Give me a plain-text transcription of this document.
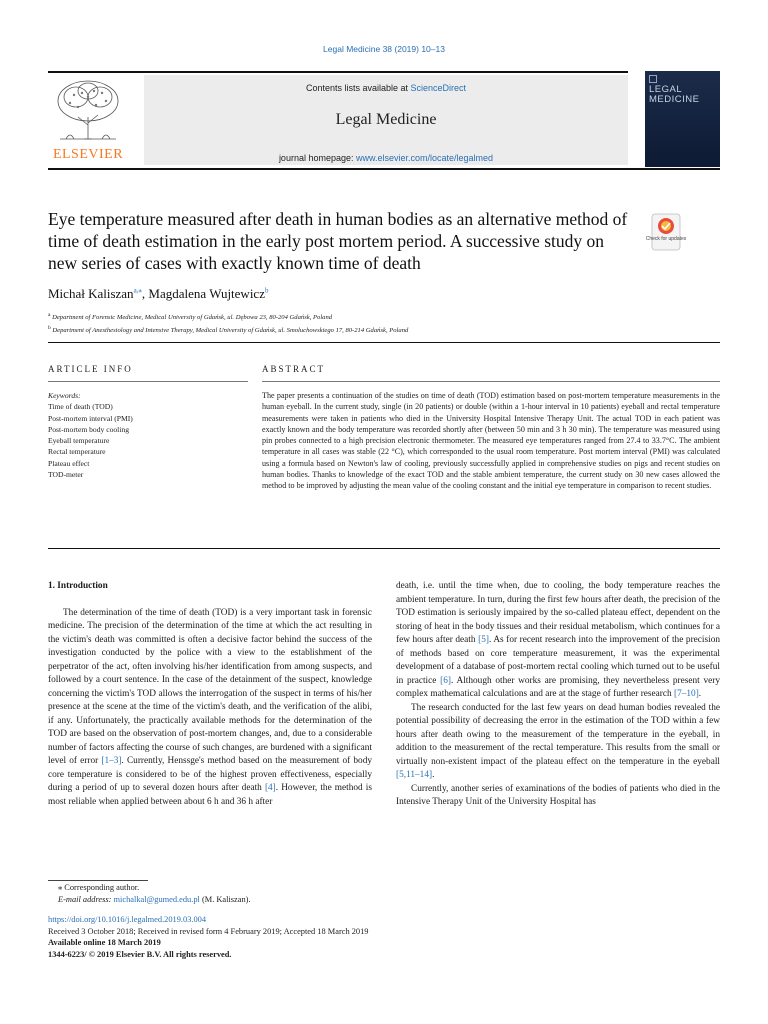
Legal Medicine 38 (2019) 10–13
ELSEVIER
Contents lists available at ScienceDirect
Legal Medicine
journal homepage: www.elsevier.com/locate/legalmed
LEGAL
MEDICINE
Eye temperature measured after death in human bodies as an alternative method of time of death estimation in the early post mortem period. A successive study on new series of cases with exactly known time of death
Check for updates
Michał Kaliszan$^{a,⁎}$, Magdalena Wujtewicz$^b$
$^a$ Department of Forensic Medicine, Medical University of Gdańsk, ul. Dębowa 23, 80-204 Gdańsk, Poland
$^b$ Department of Anesthesiology and Intensive Therapy, Medical University of Gdańsk, ul. Smoluchowskiego 17, 80-214 Gdańsk, Poland
ARTICLE INFO	ABSTRACT
Keywords:
Time of death (TOD)
Post-mortem interval (PMI)
Post-mortem body cooling
Eyeball temperature
Rectal temperature
Plateau effect
TOD-meter
The paper presents a continuation of the studies on time of death (TOD) estimation based on post-mortem temperature measurements in the human eyeball. In the current study, single (in 20 patients) or double (within a 1-hour interval in 10 patients) eyeball and rectal temperature measurements were taken in patients who died in the University Hospital Intensive Therapy Unit. The actual TOD in each patient was exactly known and the body temperature was recorded shortly after (between 50 min and 3 h 30 min). The temperature was measured using pin probes connected to a high precision electronic thermometer. The measured eye temperatures ranged from 27.4 to 33.7°C. The ambient temperature in all cases was stable (22 °C), which corresponded to the usual room temperature. Post mortem interval (PMI) was calculated using a formula based on Newton's law of cooling, previously successfully applied in comprehensive studies on pigs and recent studies on human bodies. Thanks to knowledge of the exact TOD and the stable ambient temperature, the current study on 30 new cases allowed the method to be improved by adjusting the mean value of the cooling constant and the initial eye temperature in comparison to recent studies.
1. Introduction

The determination of the time of death (TOD) is a very important task in forensic medicine. The precision of the determination of the time at which the act resulting in the victim's death was committed is often a decisive factor behind the success of the investigation conducted by the police with a view to the establishment of the perpetrator of the act, often involving his/her identification from among suspects, and followed by a court sentence. In the case of the detainment of the suspect, knowledge concerning the victim's TOD allows the interrogation of the suspect in terms of his/her presence at the scene at the time of the victim's death, and the verification of the alibi, if any. Unfortunately, the practically available methods for the determination of the TOD are based on the observation of post-mortem changes, and, due to a considerable number of factors affecting the course of such changes, are burdened with a significant level of error [1–3]. Currently, Henssge's method based on the measurement of body core temperature is considered to be of the highest proven effectiveness, especially during a period of up to several dozen hours after death [4]. However, the method is most reliable when applied between about 6 h and 36 h after

death, i.e. until the time when, due to cooling, the body temperature reaches the ambient temperature. In turn, during the first few hours after death, the precision of the TOD estimation is seriously impaired by the so-called plateau effect, dependent on the storing of heat in the body tissues and their residual metabolism, which continues for a few hours after death [5]. As for recent research into the improvement of the precision of methods based on core temperature measurement, it was the experimental development of a database of post-mortem rectal cooling which turned out to be useful in practice [6]. Although other works are promising, they nevertheless present very complex mathematical calculations and are at the stage of further research [7–10].

The research conducted for the last few years on dead human bodies revealed the potential possibility of decreasing the error in the estimation of the TOD within a few hours after death owing to the measurement of the temperature in the eyeball, in addition to the measurement of the rectal temperature. This results from the small or virtually non-existent impact of the plateau effect on the temperature in the eyeball [5,11–14].

Currently, another series of examinations of the bodies of patients who died in the Intensive Therapy Unit of the University Hospital has

⁎ Corresponding author.
E-mail address: michalkal@gumed.edu.pl (M. Kaliszan).
https://doi.org/10.1016/j.legalmed.2019.03.004
Received 3 October 2018; Received in revised form 4 February 2019; Accepted 18 March 2019
Available online 18 March 2019
1344-6223/ © 2019 Elsevier B.V. All rights reserved.
